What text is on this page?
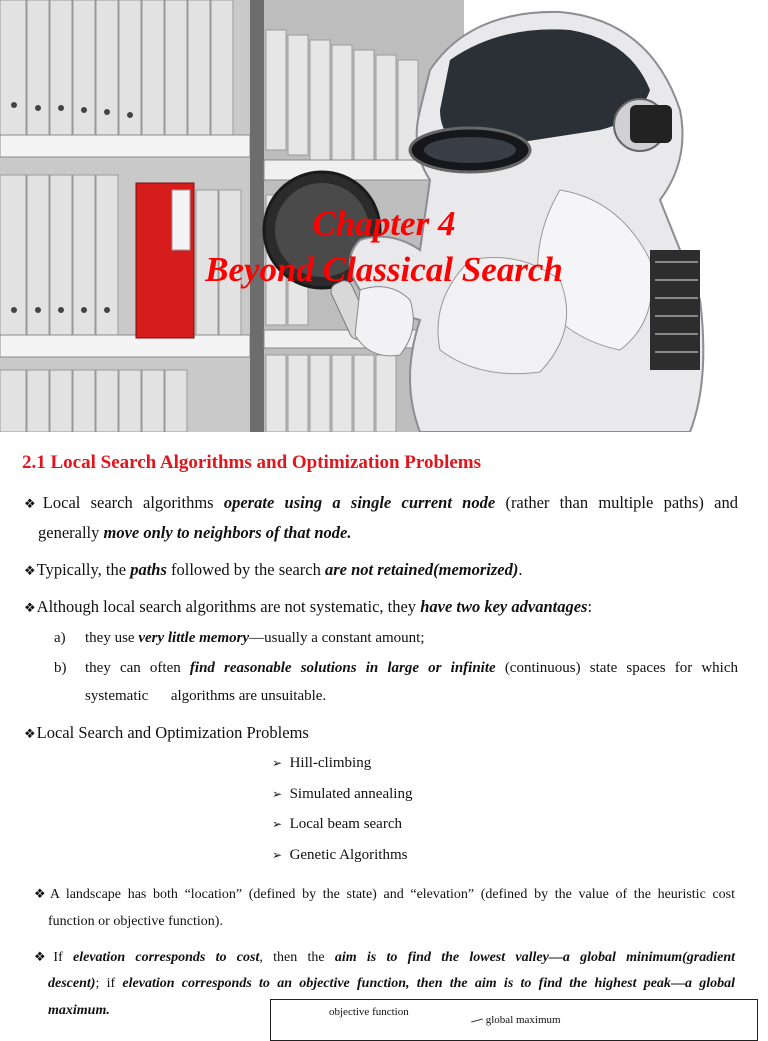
Chapter 4
Beyond Classical Search
2.1 Local Search Algorithms and Optimization Problems
❖Local search algorithms operate using a single current node (rather than multiple paths) and
generally move only to neighbors of that node.
❖Typically, the paths followed by the search are not retained(memorized).
❖Although local search algorithms are not systematic, they have two key advantages:
a) they use very little memory—usually a constant amount;
b) they can often find reasonable solutions in large or infinite (continuous) state spaces for which
systematic      algorithms are unsuitable.
❖Local Search and Optimization Problems
➢ Hill-climbing
➢ Simulated annealing
➢ Local beam search
➢ Genetic Algorithms
❖A landscape has both “location” (defined by the state) and “elevation” (defined by the value of the heuristic cost
function or objective function).
❖If elevation corresponds to cost, then the aim is to find the lowest valley—a global minimum(gradient
descent); if elevation corresponds to an objective function, then the aim is to find the highest peak—a global
maximum.	objective function
global maximum
